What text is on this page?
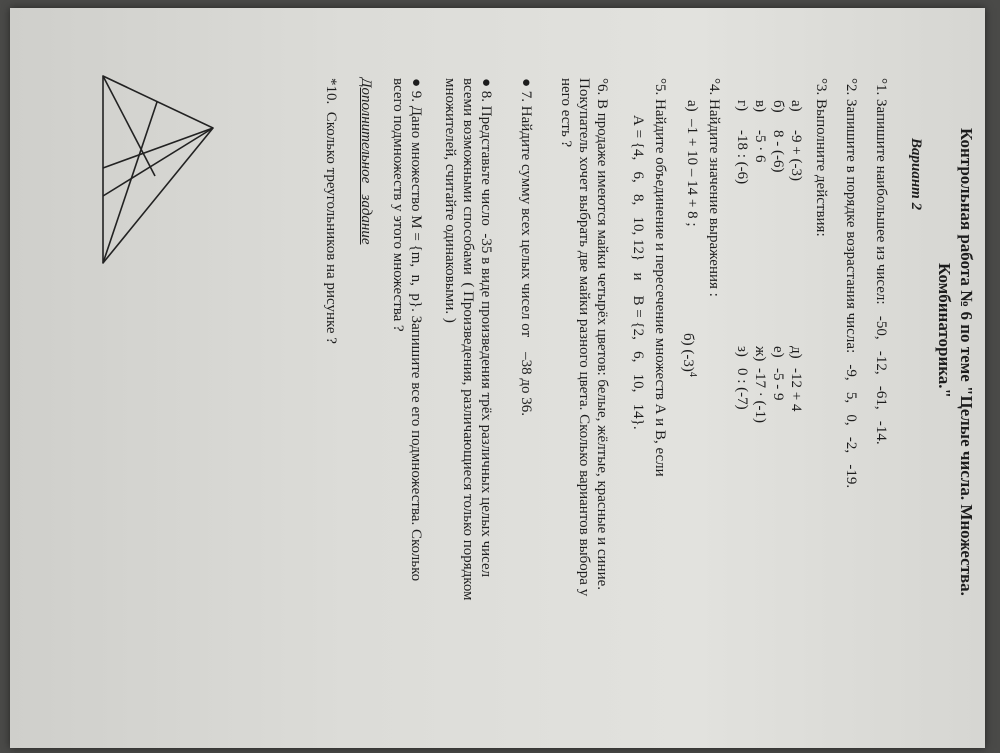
Контрольная работа № 6 по теме "Целые числа. Множества.
Комбинаторика."
Вариант 2
°1. Запишите наибольшее из чисел:   -50,   -12,   -61,   -14.
°2. Запишите в порядке возрастания числа:   -9,   5,   0,   -2,   -19.
°3. Выполните действия:
а)
-9 + (-3)
б)
8 - (-6)
в)
-5 · 6
г)
-18 : (-6)
д)
-12 + 4
е)
-5 - 9
ж)
-17 · (-1)
з)
0 : (-7)
°4. Найдите значение выражения :
а)  –1 + 10 – 14 + 8 ;
б) $(-3)^4$
°5. Найдите объединение и пересечение множеств А и В, если
А = {4,   6,   8,   10, 12}   и    В = {2,   6,   10,   14}.
°6. В продаже имеются майки четырёх цветов: белые, жёлтые, красные и синие.
Покупатель хочет выбрать две майки разного цвета. Сколько вариантов выбора у
него есть ?
● 7. Найдите сумму всех целых чисел от    –38 до 36.
● 8. Представьте число  -35 в виде произведения трёх различных целых чисел
всеми возможными способами  ( Произведения, различающиеся только порядком
множителей, считайте одинаковыми. )
● 9. Дано множество М = {m,  n,  p}. Запишите все его подмножества. Сколько
всего подмножеств у этого множества ?
Дополнительное   задание
*10.  Сколько треугольников на рисунке ?
